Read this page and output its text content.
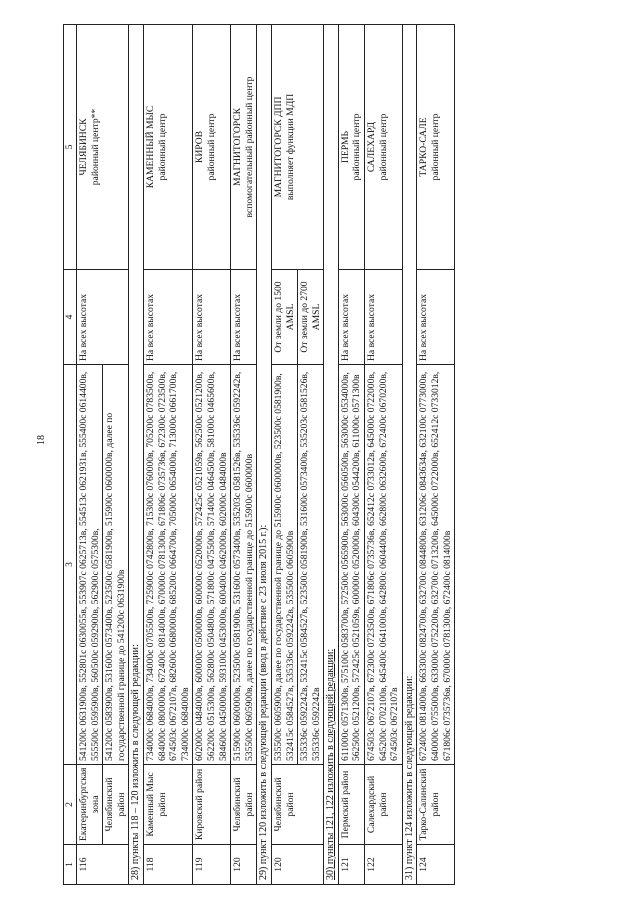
18
1	2	3	4	5
116	Екатеринбургская зона	541200с 0631900в, 552801с 0630055в, 553907с 0625713в, 554513с 0621931в, 555400с 0614400в, 555500с 0595900в, 560500с 0592900в, 562900с 0575300в,	На всех высотах	ЧЕЛЯБИНСК районный центр**

	Челябинский район	541200с 0583900в, 531600с 0573400в, 523500с 0581900в, 515900с 0600000в, далее по государственной границе до 541200с 0631900в		
28) пункты 118 – 120 изложить в следующей редакции:				
118	Каменный Мыс район	734000с 0684000в, 734000с 0705500в, 725900с 0742800в, 715300с 0760000в, 705200с 0783500в, 684000с 0800000в, 672400с 0814000в, 670000с 0781300в, 671806с 0735736в, 672300с 0723500в, 674503с 0672107в, 682600с 0680000в, 685200с 0664700в, 705000с 0654000в, 713000с 0661700в, 734000с 0684000в	На всех высотах	КАМЕННЫЙ МЫС районный центр

119	Кировский район	602000с 0484000в, 600000с 0500000в, 600000с 0520000в, 572425с 0521059в, 562500с 0521200в, 562200с 0515300в, 562800с 0504800в, 571800с 0475500в, 571400с 0464500в, 581000с 0465600в, 584600с 0450000в, 593100с 0453000в, 600400с 0462000в, 602000с 0484000в	На всех высотах	КИРОВ районный центр

120	Челябинский район	515900с 0600000в, 523500с 0581900в, 531600с 0573400в, 535203с 0581526в, 535336с 0592242в, 535500с 0605900в, далее по государственной границе до 515900с 0600000в	На всех высотах	МАГНИТОГОРСК вспомогательный районный центр

29) пункт 120 изложить в следующей редакции (ввод в действие с 23 июля 2015 г.):				
120	Челябинский район	535500с 0605900в, далее по государственной границе до 515900с 0600000в, 523500с 0581900в, 532415с 0584527в, 535336с 0592242в, 535500с 0605900в	От земли до 1500 AMSL	МАГНИТОГОРСК ДПП выполняет функции МДП

		535336с 0592242в, 532415с 0584527в, 523500с 0581900в, 531600с 0573400в, 535203с 0581526в, 535336с 0592242в	От земли до 2700 AMSL	
30) пункты 121, 122 изложить в следующей редакции:				
121	Пермский район	611000с 0571300в, 575100с 0583700в, 572500с 0565900в, 563000с 0560500в, 563000с 0534000в, 562500с 0521200в, 572425с 0521059в, 600000с 0520000в, 604300с 0544200в, 611000с 0571300в	На всех высотах	ПЕРМЬ районный центр

122	Салехардский район	674503с 0672107в, 672300с 0723500в, 671806с 0735736в, 652412с 0733012в, 645000с 0722000в, 645200с 0702100в, 645400с 0641000в, 642800с 0604400в, 662800с 0632600в, 672400с 0670200в, 674503с 0672107в	На всех высотах	САЛЕХАРД районный центр

31) пункт 124 изложить в следующей редакции:				
124	Тарко-Салинский район	672400с 0814000в, 663300с 0824700в, 632700с 0844800в, 631206с 0843634в, 632100с 0773000в, 640000с 0755000в, 633000с 0752200в, 632700с 0713200в, 645000с 0722000в, 652412с 0733012в, 671806с 0735736в, 670000с 0781300в, 672400с 0814000в	На всех высотах	ТАРКО-САЛЕ районный центр
